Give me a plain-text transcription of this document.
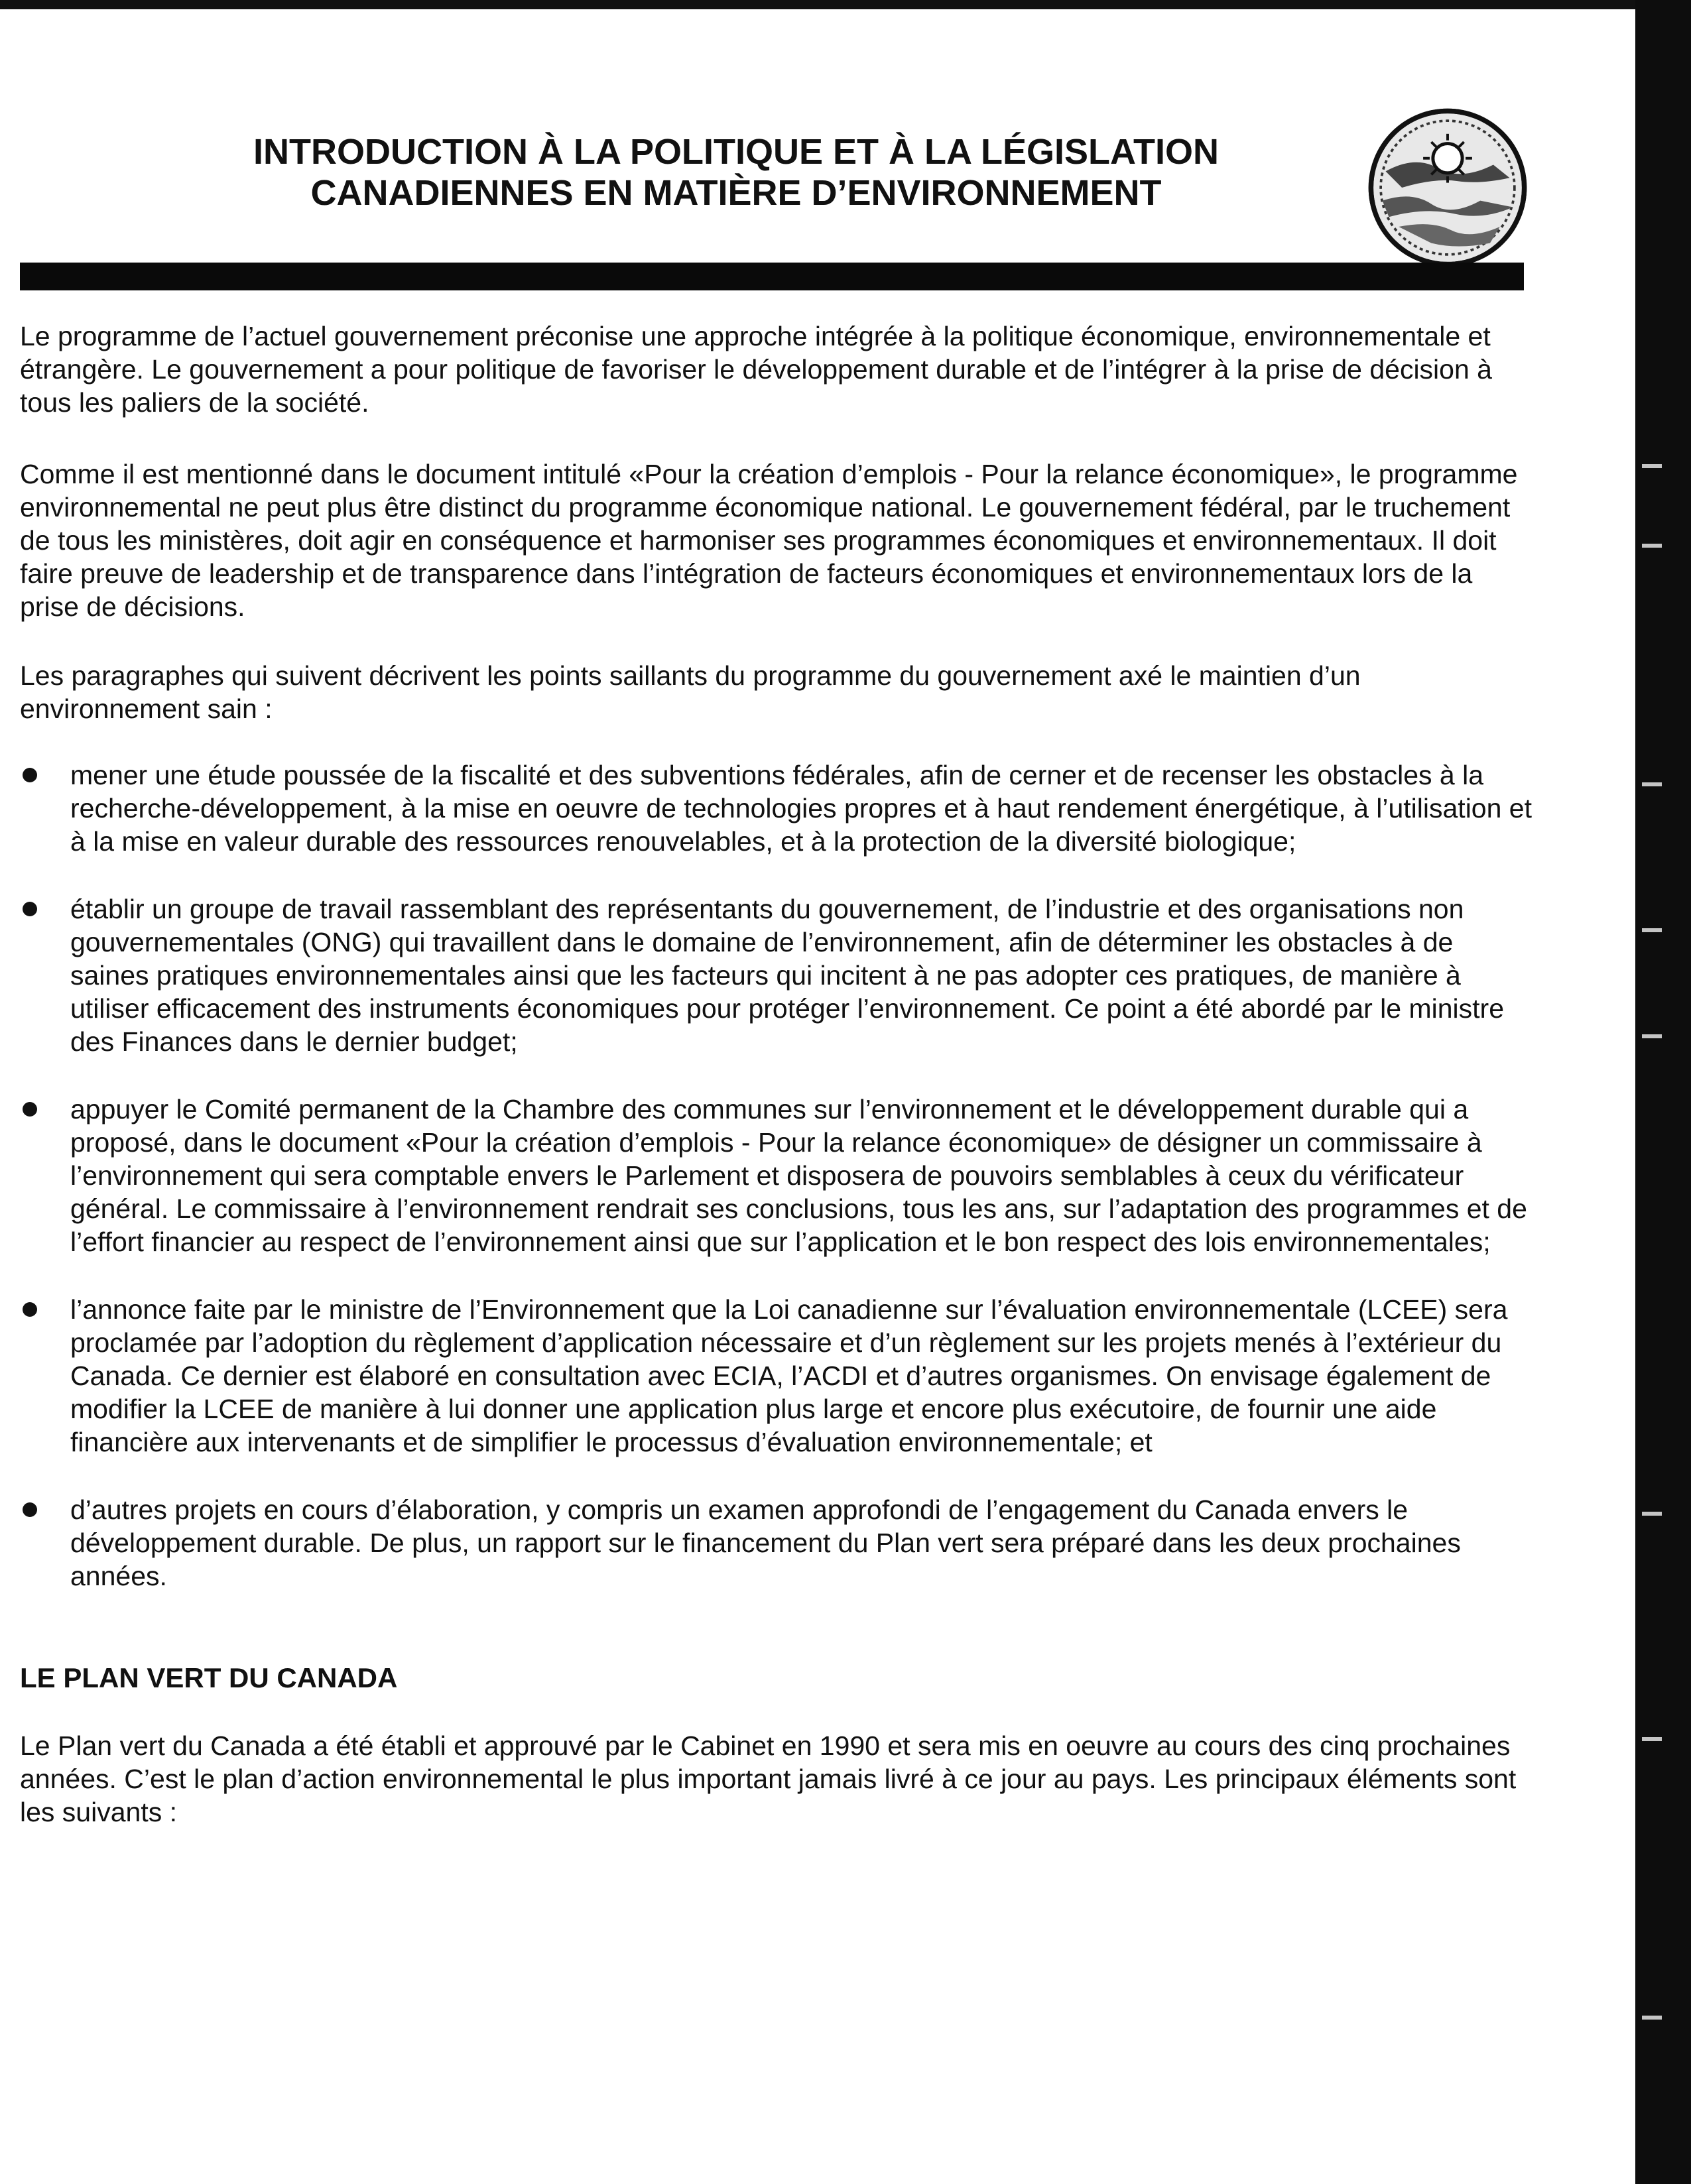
INTRODUCTION À LA POLITIQUE ET À LA LÉGISLATION
CANADIENNES EN MATIÈRE D’ENVIRONNEMENT

Le programme de l’actuel gouvernement préconise une approche intégrée à la politique économique, environnementale et étrangère. Le gouvernement a pour politique de favoriser le développement durable et de l’intégrer à la prise de décision à tous les paliers de la société.

Comme il est mentionné dans le document intitulé «Pour la création d’emplois - Pour la relance économique», le programme environnemental ne peut plus être distinct du programme économique national. Le gouvernement fédéral, par le truchement de tous les ministères, doit agir en conséquence et harmoniser ses programmes économiques et environnementaux. Il doit faire preuve de leadership et de transparence dans l’intégration de facteurs économiques et environnementaux lors de la prise de décisions.

Les paragraphes qui suivent décrivent les points saillants du programme du gouvernement axé le maintien d’un environnement sain :

mener une étude poussée de la fiscalité et des subventions fédérales, afin de cerner et de recenser les obstacles à la recherche-développement, à la mise en oeuvre de technologies propres et à haut rendement énergétique, à l’utilisation et à la mise en valeur durable des ressources renouvelables, et à la protection de la diversité biologique;
établir un groupe de travail rassemblant des représentants du gouvernement, de l’industrie et des organisations non gouvernementales (ONG) qui travaillent dans le domaine de l’environnement, afin de déterminer les obstacles à de saines pratiques environnementales ainsi que les facteurs qui incitent à ne pas adopter ces pratiques, de manière à utiliser efficacement des instruments économiques pour protéger l’environnement. Ce point a été abordé par le ministre des Finances dans le dernier budget;
appuyer le Comité permanent de la Chambre des communes sur l’environnement et le développement durable qui a proposé, dans le document «Pour la création d’emplois - Pour la relance économique» de désigner un commissaire à l’environnement qui sera comptable envers le Parlement et disposera de pouvoirs semblables à ceux du vérificateur général. Le commissaire à l’environnement rendrait ses conclusions, tous les ans, sur l’adaptation des programmes et de l’effort financier au respect de l’environnement ainsi que sur l’application et le bon respect des lois environnementales;
l’annonce faite par le ministre de l’Environnement que la Loi canadienne sur l’évaluation environnementale (LCEE) sera proclamée par l’adoption du règlement d’application nécessaire et d’un règlement sur les projets menés à l’extérieur du Canada. Ce dernier est élaboré en consultation avec ECIA, l’ACDI et d’autres organismes. On envisage également de modifier la LCEE de manière à lui donner une application plus large et encore plus exécutoire, de fournir une aide financière aux intervenants et de simplifier le processus d’évaluation environnementale; et
d’autres projets en cours d’élaboration, y compris un examen approfondi de l’engagement du Canada envers le développement durable. De plus, un rapport sur le financement du Plan vert sera préparé dans les deux prochaines années.
LE PLAN VERT DU CANADA

Le Plan vert du Canada a été établi et approuvé par le Cabinet en 1990 et sera mis en oeuvre au cours des cinq prochaines années. C’est le plan d’action environnemental le plus important jamais livré à ce jour au pays. Les principaux éléments sont les suivants :
